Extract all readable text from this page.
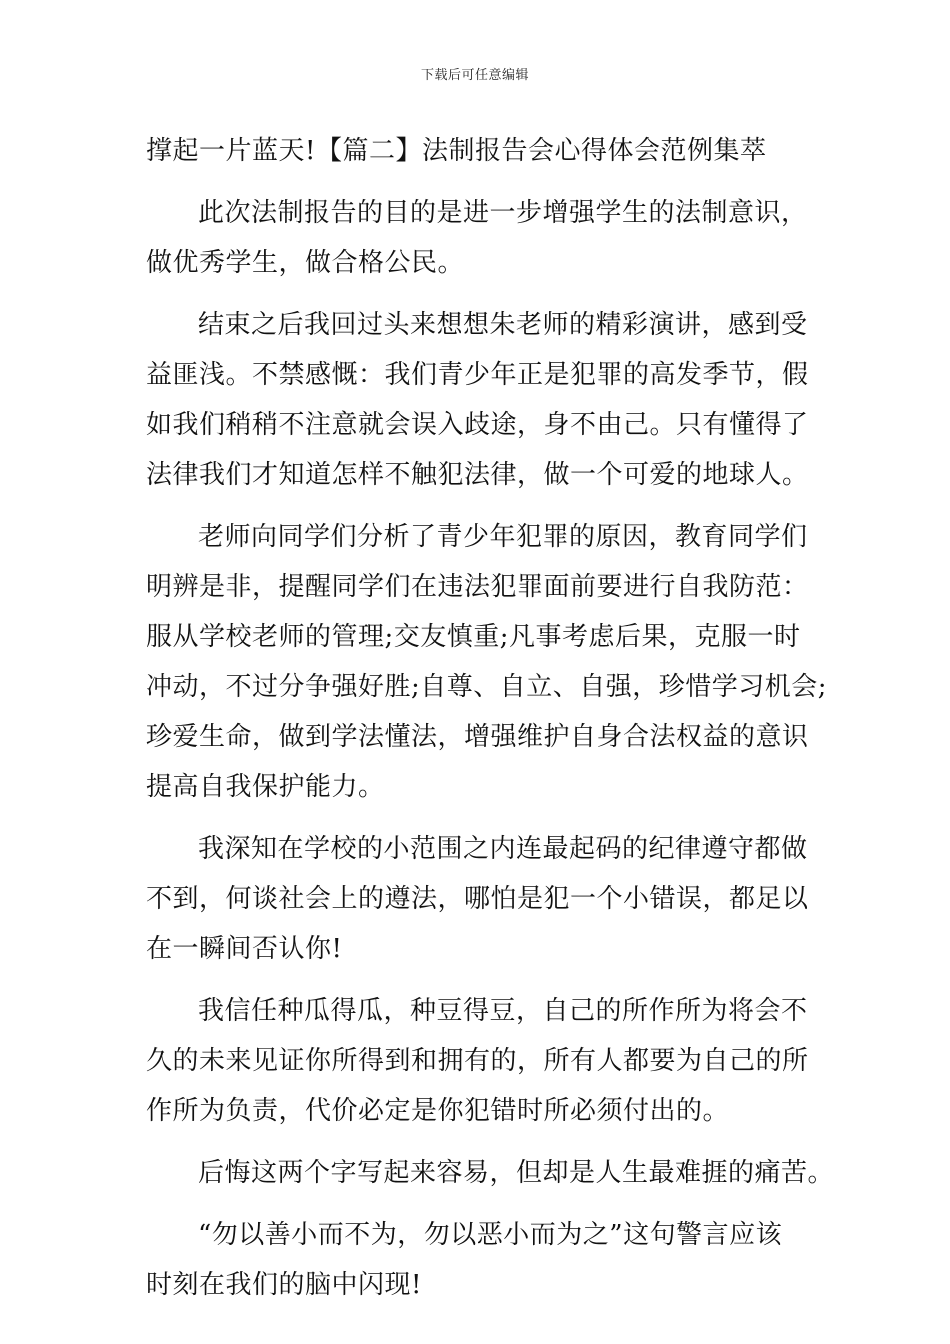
下载后可任意编辑
撑起一片蓝天!【篇二】法制报告会心得体会范例集萃
此次法制报告的目的是进一步增强学生的法制意识，
做优秀学生，做合格公民。
结束之后我回过头来想想朱老师的精彩演讲，感到受
益匪浅。不禁感慨：我们青少年正是犯罪的高发季节，假
如我们稍稍不注意就会误入歧途，身不由己。只有懂得了
法律我们才知道怎样不触犯法律，做一个可爱的地球人。
老师向同学们分析了青少年犯罪的原因，教育同学们
明辨是非，提醒同学们在违法犯罪面前要进行自我防范：
服从学校老师的管理;交友慎重;凡事考虑后果，克服一时
冲动，不过分争强好胜;自尊、自立、自强，珍惜学习机会;
珍爱生命，做到学法懂法，增强维护自身合法权益的意识
提高自我保护能力。
我深知在学校的小范围之内连最起码的纪律遵守都做
不到，何谈社会上的遵法，哪怕是犯一个小错误，都足以
在一瞬间否认你!
我信任种瓜得瓜，种豆得豆，自己的所作所为将会不
久的未来见证你所得到和拥有的，所有人都要为自己的所
作所为负责，代价必定是你犯错时所必须付出的。
后悔这两个字写起来容易，但却是人生最难捱的痛苦。
“勿以善小而不为，勿以恶小而为之”这句警言应该
时刻在我们的脑中闪现!
